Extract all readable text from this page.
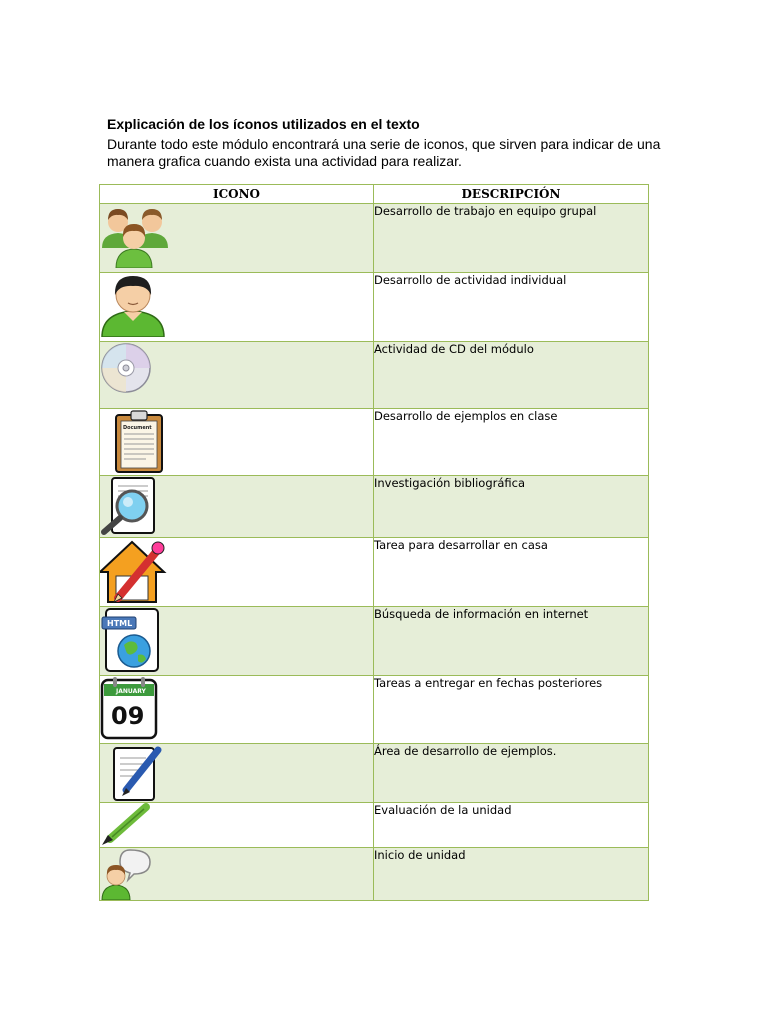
Explicación de los íconos utilizados en el texto

Durante todo este módulo encontrará una serie de iconos, que sirven para indicar de una
manera grafica cuando exista una actividad para realizar.

ICONO	DESCRIPCIÓN

	Desarrollo de trabajo en equipo grupal

	Desarrollo de actividad individual

	Actividad de CD del módulo

Document	Desarrollo de ejemplos en clase

	Investigación bibliográfica

	Tarea para desarrollar en casa

HTML	Búsqueda de información en internet

JANUARY
09	Tareas a entregar en fechas posteriores

	Área de desarrollo de ejemplos.

	Evaluación de la unidad

	Inicio de unidad
